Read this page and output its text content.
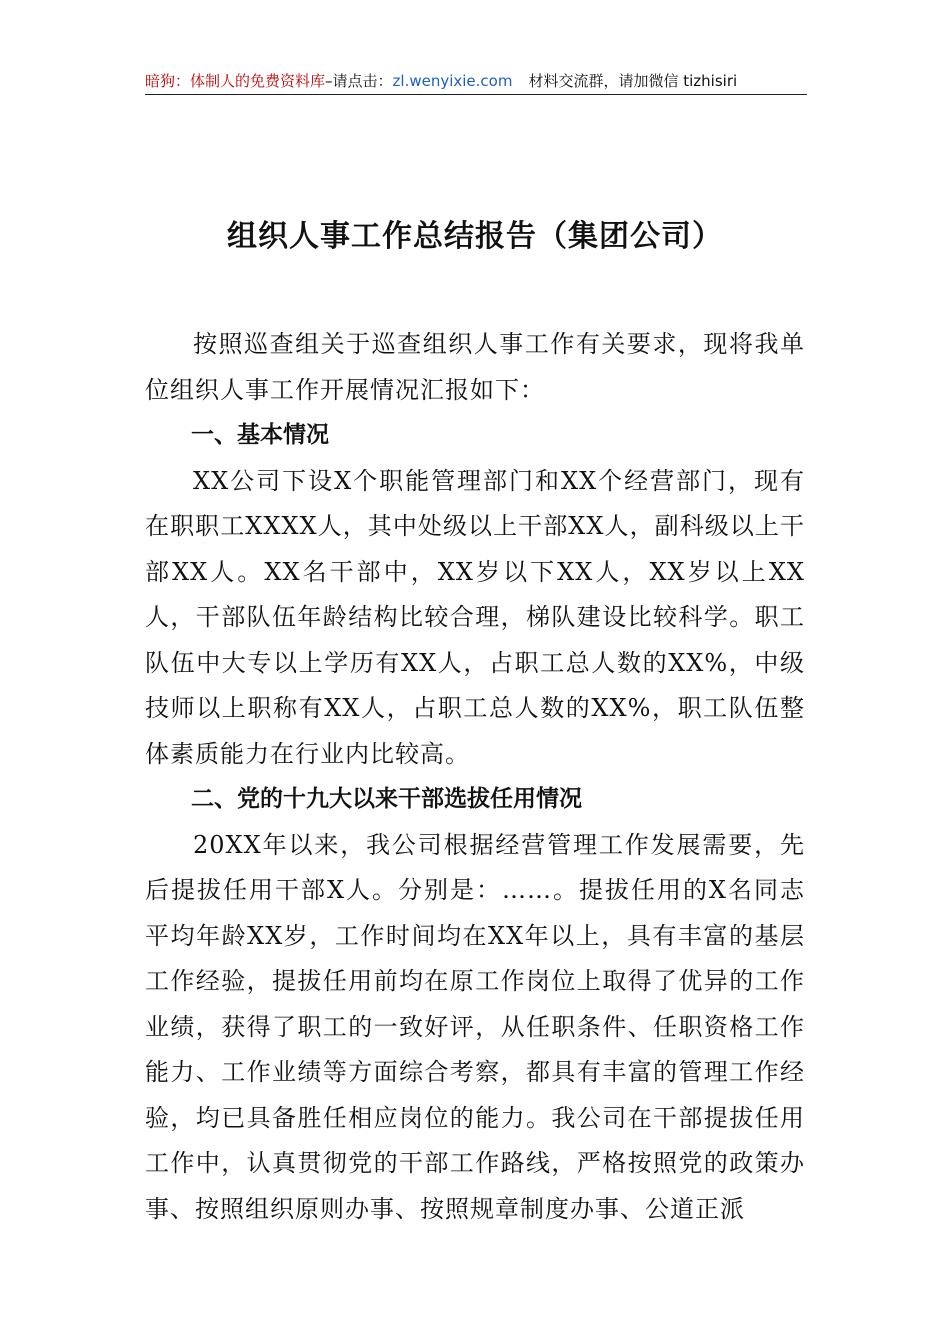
暗狗：体制人的免费资料库–请点击：zl.wenyixie.com 材料交流群，请加微信 tizhisiri
组织人事工作总结报告（集团公司）

按照巡查组关于巡查组织人事工作有关要求，现将我单位组织人事工作开展情况汇报如下：

一、基本情况

XX公司下设X个职能管理部门和XX个经营部门，现有在职职工XXXX人，其中处级以上干部XX人，副科级以上干部XX人。XX名干部中，XX岁以下XX人，XX岁以上XX人，干部队伍年龄结构比较合理，梯队建设比较科学。职工队伍中大专以上学历有XX人，占职工总人数的XX%，中级技师以上职称有XX人，占职工总人数的XX%，职工队伍整体素质能力在行业内比较高。

二、党的十九大以来干部选拔任用情况

20XX年以来，我公司根据经营管理工作发展需要，先后提拔任用干部X人。分别是：……。提拔任用的X名同志平均年龄XX岁，工作时间均在XX年以上，具有丰富的基层工作经验，提拔任用前均在原工作岗位上取得了优异的工作业绩，获得了职工的一致好评，从任职条件、任职资格工作能力、工作业绩等方面综合考察，都具有丰富的管理工作经验，均已具备胜任相应岗位的能力。我公司在干部提拔任用工作中，认真贯彻党的干部工作路线，严格按照党的政策办事、按照组织原则办事、按照规章制度办事、公道正派
